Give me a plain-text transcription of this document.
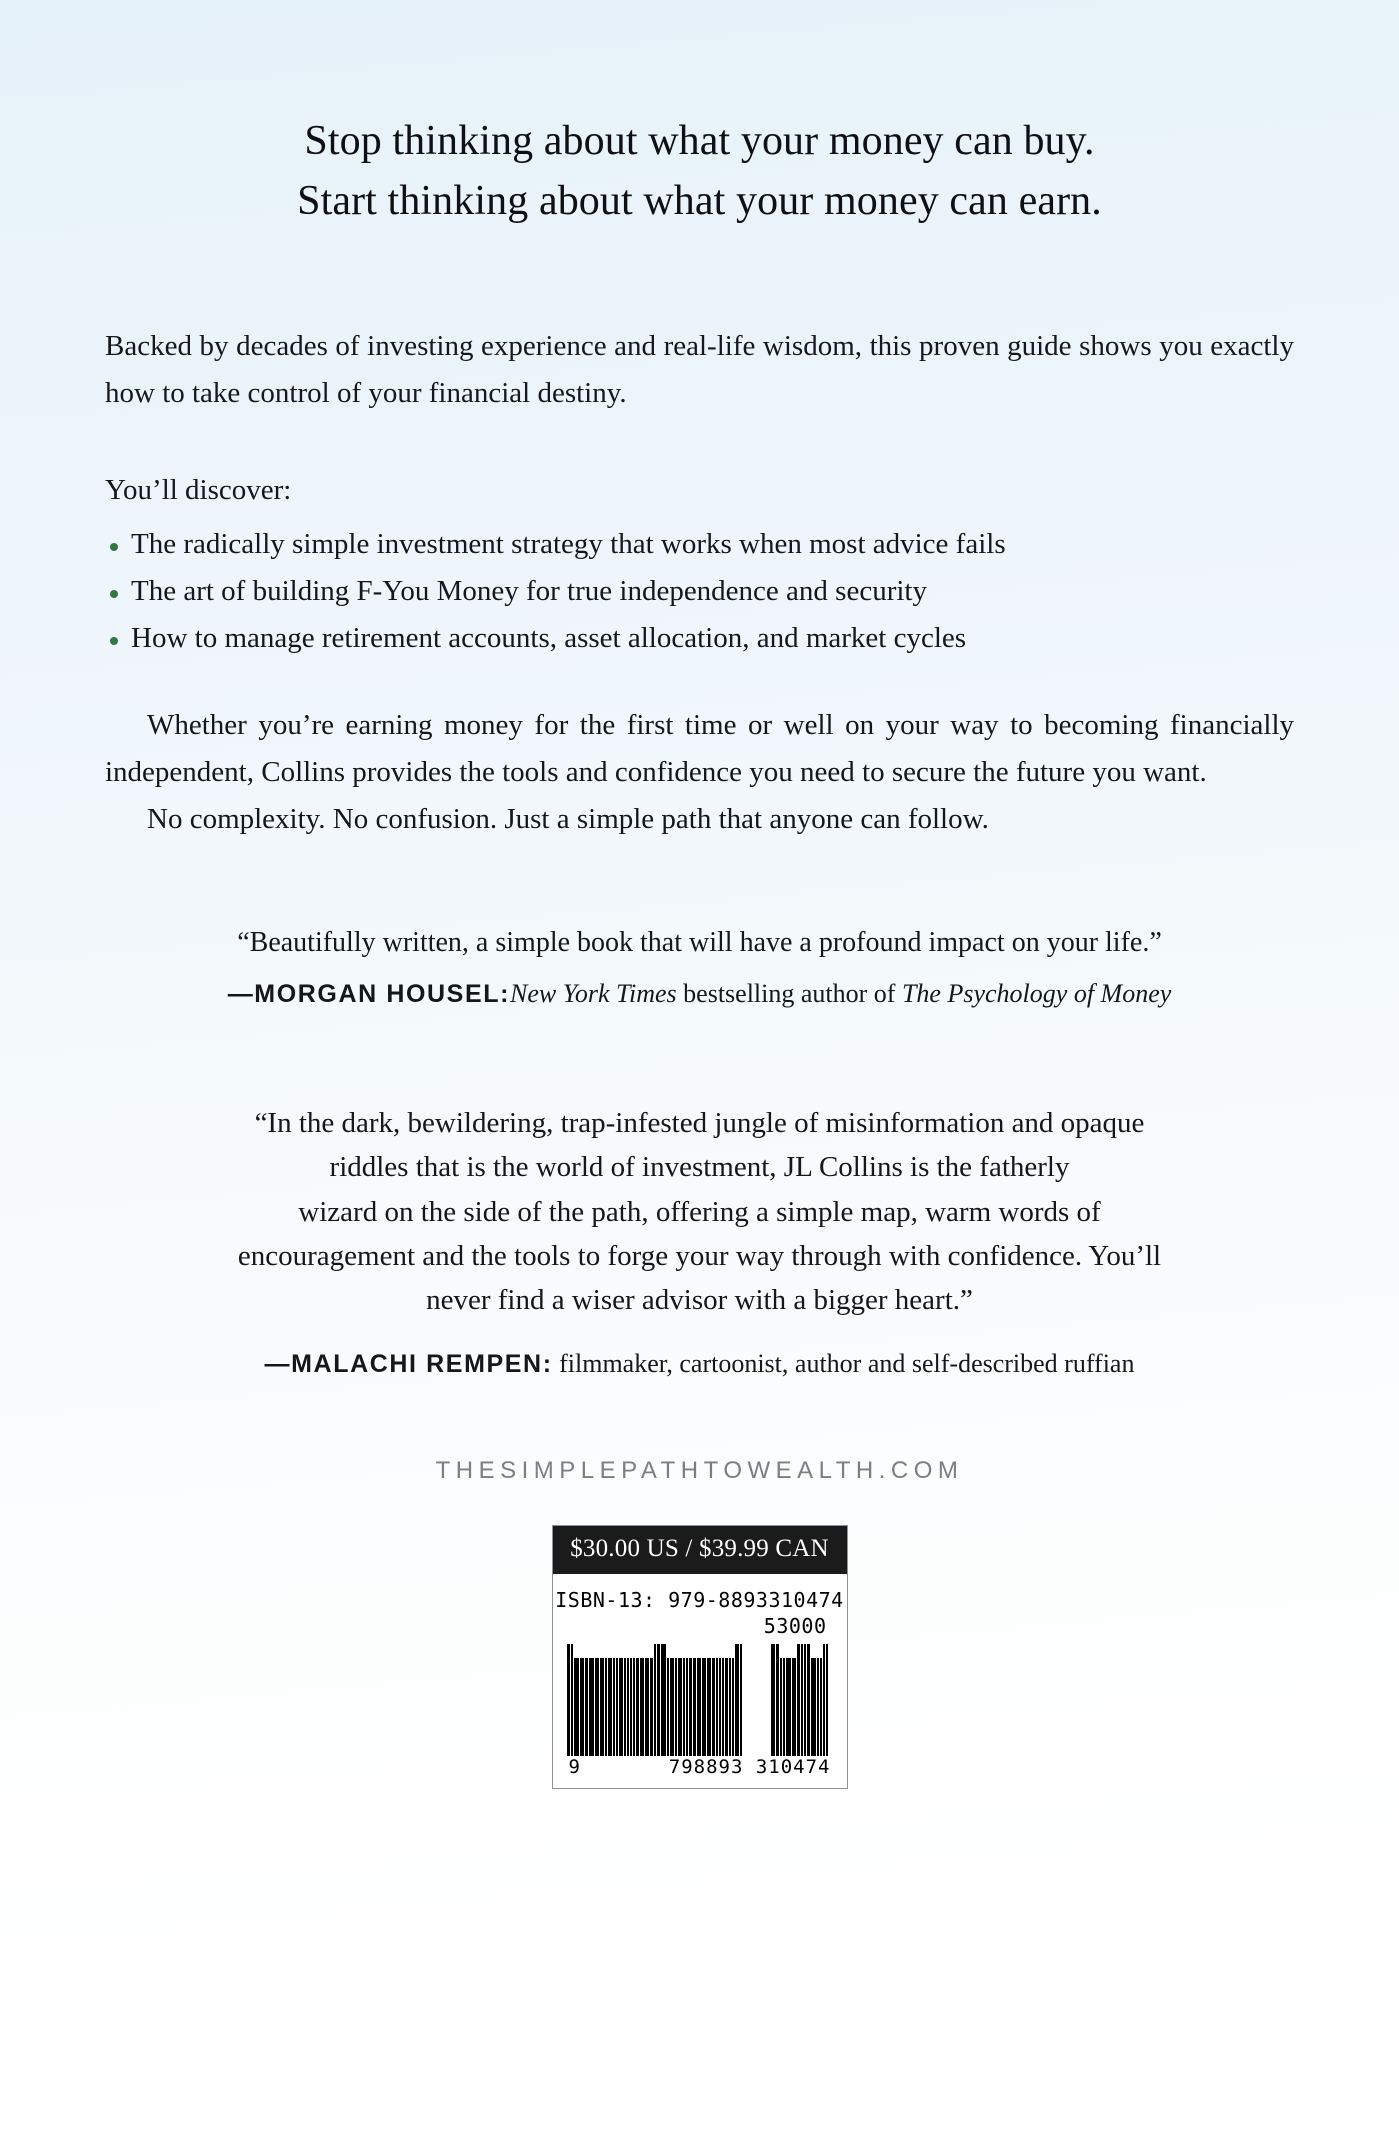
Stop thinking about what your money can buy.
Start thinking about what your money can earn.
Backed by decades of investing experience and real-life wisdom, this proven guide shows you exactly how to take control of your financial destiny.
You’ll discover:
The radically simple investment strategy that works when most advice fails
The art of building F-You Money for true independence and security
How to manage retirement accounts, asset allocation, and market cycles
Whether you’re earning money for the first time or well on your way to becoming financially independent, Collins provides the tools and confidence you need to secure the future you want.
No complexity. No confusion. Just a simple path that anyone can follow.
“Beautifully written, a simple book that will have a profound impact on your life.”
—MORGAN HOUSEL:New York Times bestselling author of The Psychology of Money
“In the dark, bewildering, trap-infested jungle of misinformation and opaque
riddles that is the world of investment, JL Collins is the fatherly
wizard on the side of the path, offering a simple map, warm words of
encouragement and the tools to forge your way through with confidence. You’ll
never find a wiser advisor with a bigger heart.”
—MALACHI REMPEN: filmmaker, cartoonist, author and self-described ruffian
THESIMPLEPATHTOWEALTH.COM
$30.00 US / $39.99 CAN
ISBN-13: 979-8893310474
53000
9	798893 310474
